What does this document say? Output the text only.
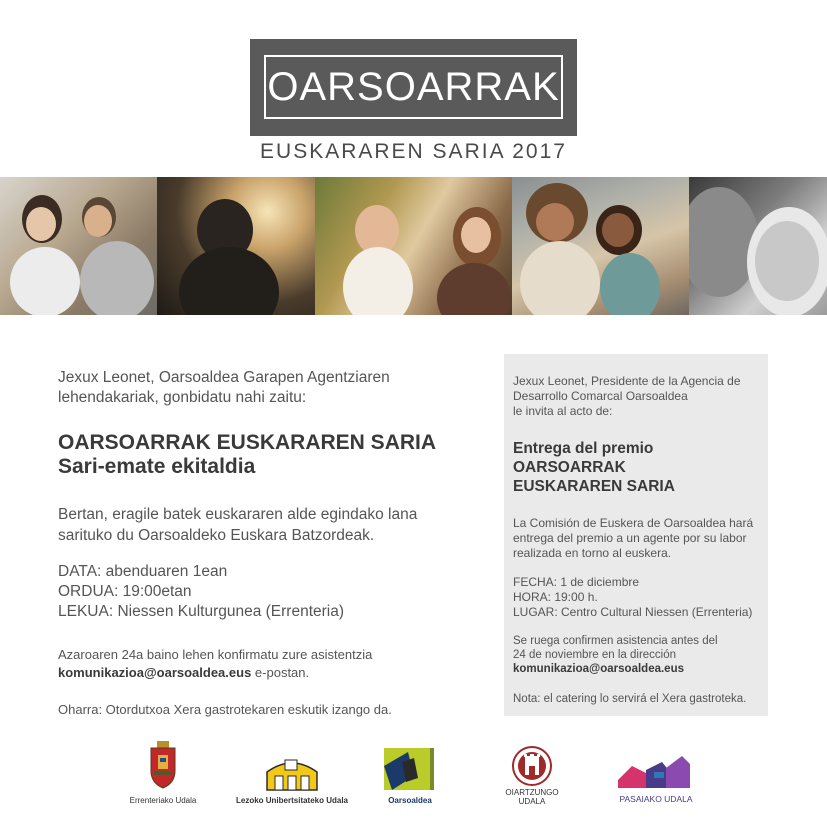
OARSOARRAK
EUSKARAREN SARIA 2017
Jexux Leonet, Oarsoaldea Garapen Agentziaren
lehendakariak, gonbidatu nahi zaitu:
OARSOARRAK EUSKARAREN SARIA
Sari-emate ekitaldia
Bertan, eragile batek euskararen alde egindako lana
sarituko du Oarsoaldeko Euskara Batzordeak.
DATA: abenduaren 1ean
ORDUA: 19:00etan
LEKUA: Niessen Kulturgunea (Errenteria)
Azaroaren 24a baino lehen konfirmatu zure asistentzia
komunikazioa@oarsoaldea.eus e-postan.
Oharra: Otordutxoa Xera gastrotekaren eskutik izango da.
Jexux Leonet, Presidente de la Agencia de
Desarrollo Comarcal Oarsoaldea
le invita al acto de:
Entrega del premio
OARSOARRAK
EUSKARAREN SARIA
La Comisión de Euskera de Oarsoaldea hará
entrega del premio a un agente por su labor
realizada en torno al euskera.
FECHA: 1 de diciembre
HORA: 19:00 h.
LUGAR: Centro Cultural Niessen (Errenteria)
Se ruega confirmen asistencia antes del
24 de noviembre en la dirección
komunikazioa@oarsoaldea.eus
Nota: el catering lo servirá el Xera gastroteka.
Errenteriako Udala	Lezoko Unibertsitateko Udala	Oarsoaldea
OIARTZUNGO
UDALA	PASAIAKO UDALA
